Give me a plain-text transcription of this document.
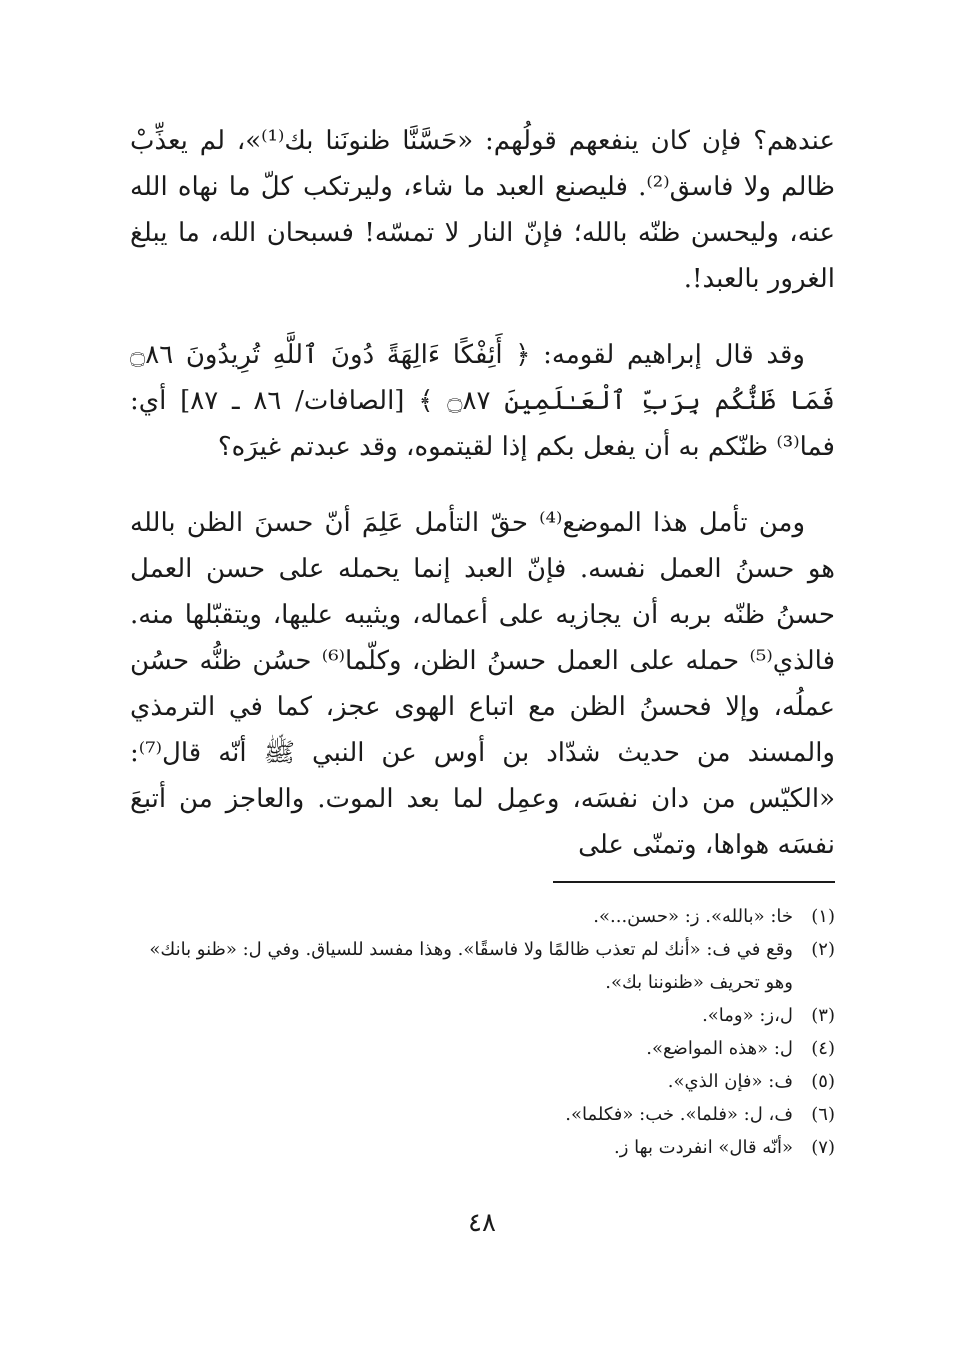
عندهم؟ فإن كان ينفعهم قولُهم: «حَسَّنَّا ظنونَنا بك⁽¹⁾»، لم يعذِّبْ ظالم ولا فاسق⁽²⁾. فليصنع العبد ما شاء، وليرتكب كلّ ما نهاه الله عنه، وليحسن ظنّه بالله؛ فإنّ النار لا تمسّه! فسبحان الله، ما يبلغ الغرور بالعبد!.

وقد قال إبراهيم لقومه: ﴿ أَئِفْكًا ءَالِهَةً دُونَ ٱللَّهِ تُرِيدُونَ ۝٨٦ فَمَا ظَنُّكُم بِرَبِّ ٱلْعَـٰلَمِينَ ۝٨٧ ﴾ [الصافات/ ٨٦ ـ ٨٧] أي: فما⁽³⁾ ظنّكم به أن يفعل بكم إذا لقيتموه، وقد عبدتم غيرَه؟

ومن تأمل هذا الموضع⁽⁴⁾ حقّ التأمل عَلِمَ أنّ حسنَ الظن بالله هو حسنُ العمل نفسه. فإنّ العبد إنما يحمله على حسن العمل حسنُ ظنّه بربه أن يجازيه على أعماله، ويثيبه عليها، ويتقبّلها منه. فالذي⁽⁵⁾ حمله على العمل حسنُ الظن، وكلّما⁽⁶⁾ حسُن ظنُّه حسُن عملُه، وإلا فحسنُ الظن مع اتباع الهوى عجز، كما في الترمذي والمسند من حديث شدّاد بن أوس عن النبي ﷺ أنّه قال⁽⁷⁾: «الكيّس من دان نفسَه، وعمِل لما بعد الموت. والعاجز من أتبعَ نفسَه هواها، وتمنّى على

(١)
خا: «بالله». ز: «حسن...».
(٢)
وقع في ف: «أنك لم تعذب ظالمًا ولا فاسقًا». وهذا مفسد للسياق. وفي ل: «ظنو بانك» وهو تحريف «ظنوننا بك».
(٣)
ل،ز: «وما».
(٤)
ل: «هذه المواضع».
(٥)
ف: «فإن الذي».
(٦)
ف، ل: «فلما». خب: «فكلما».
(٧)
«أنّه قال» انفردت بها ز.
٤٨
